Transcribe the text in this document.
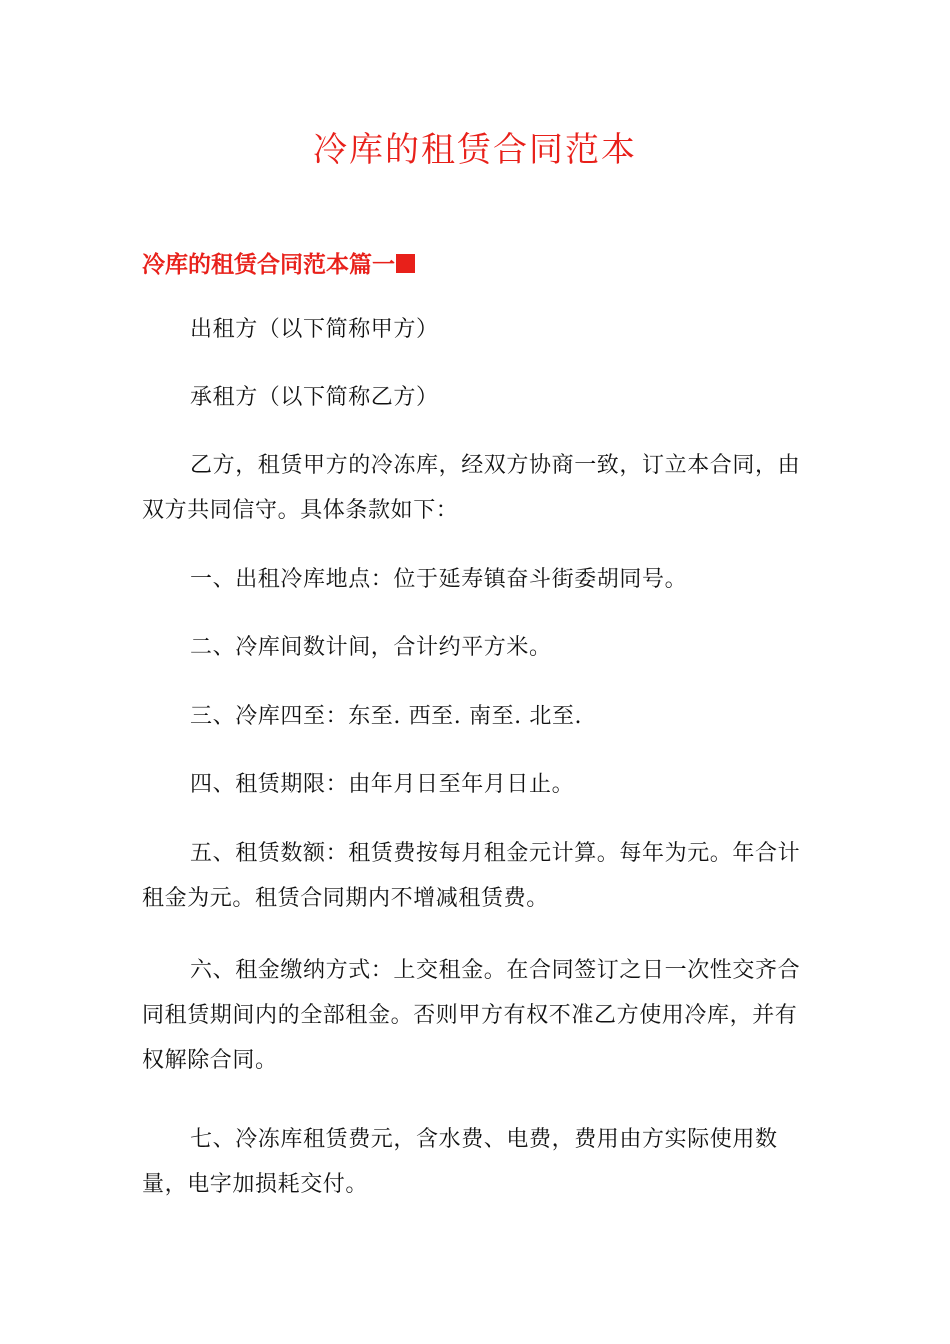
冷库的租赁合同范本
冷库的租赁合同范本篇一

出租方（以下简称甲方）

承租方（以下简称乙方）

乙方，租赁甲方的冷冻库，经双方协商一致，订立本合同，由双方共同信守。具体条款如下：

一、出租冷库地点：位于延寿镇奋斗街委胡同号。

二、冷库间数计间，合计约平方米。

三、冷库四至：东至. 西至. 南至. 北至.

四、租赁期限：由年月日至年月日止。

五、租赁数额：租赁费按每月租金元计算。每年为元。年合计租金为元。租赁合同期内不增减租赁费。

六、租金缴纳方式：上交租金。在合同签订之日一次性交齐合同租赁期间内的全部租金。否则甲方有权不准乙方使用冷库，并有权解除合同。

七、冷冻库租赁费元，含水费、电费，费用由方实际使用数量，电字加损耗交付。
